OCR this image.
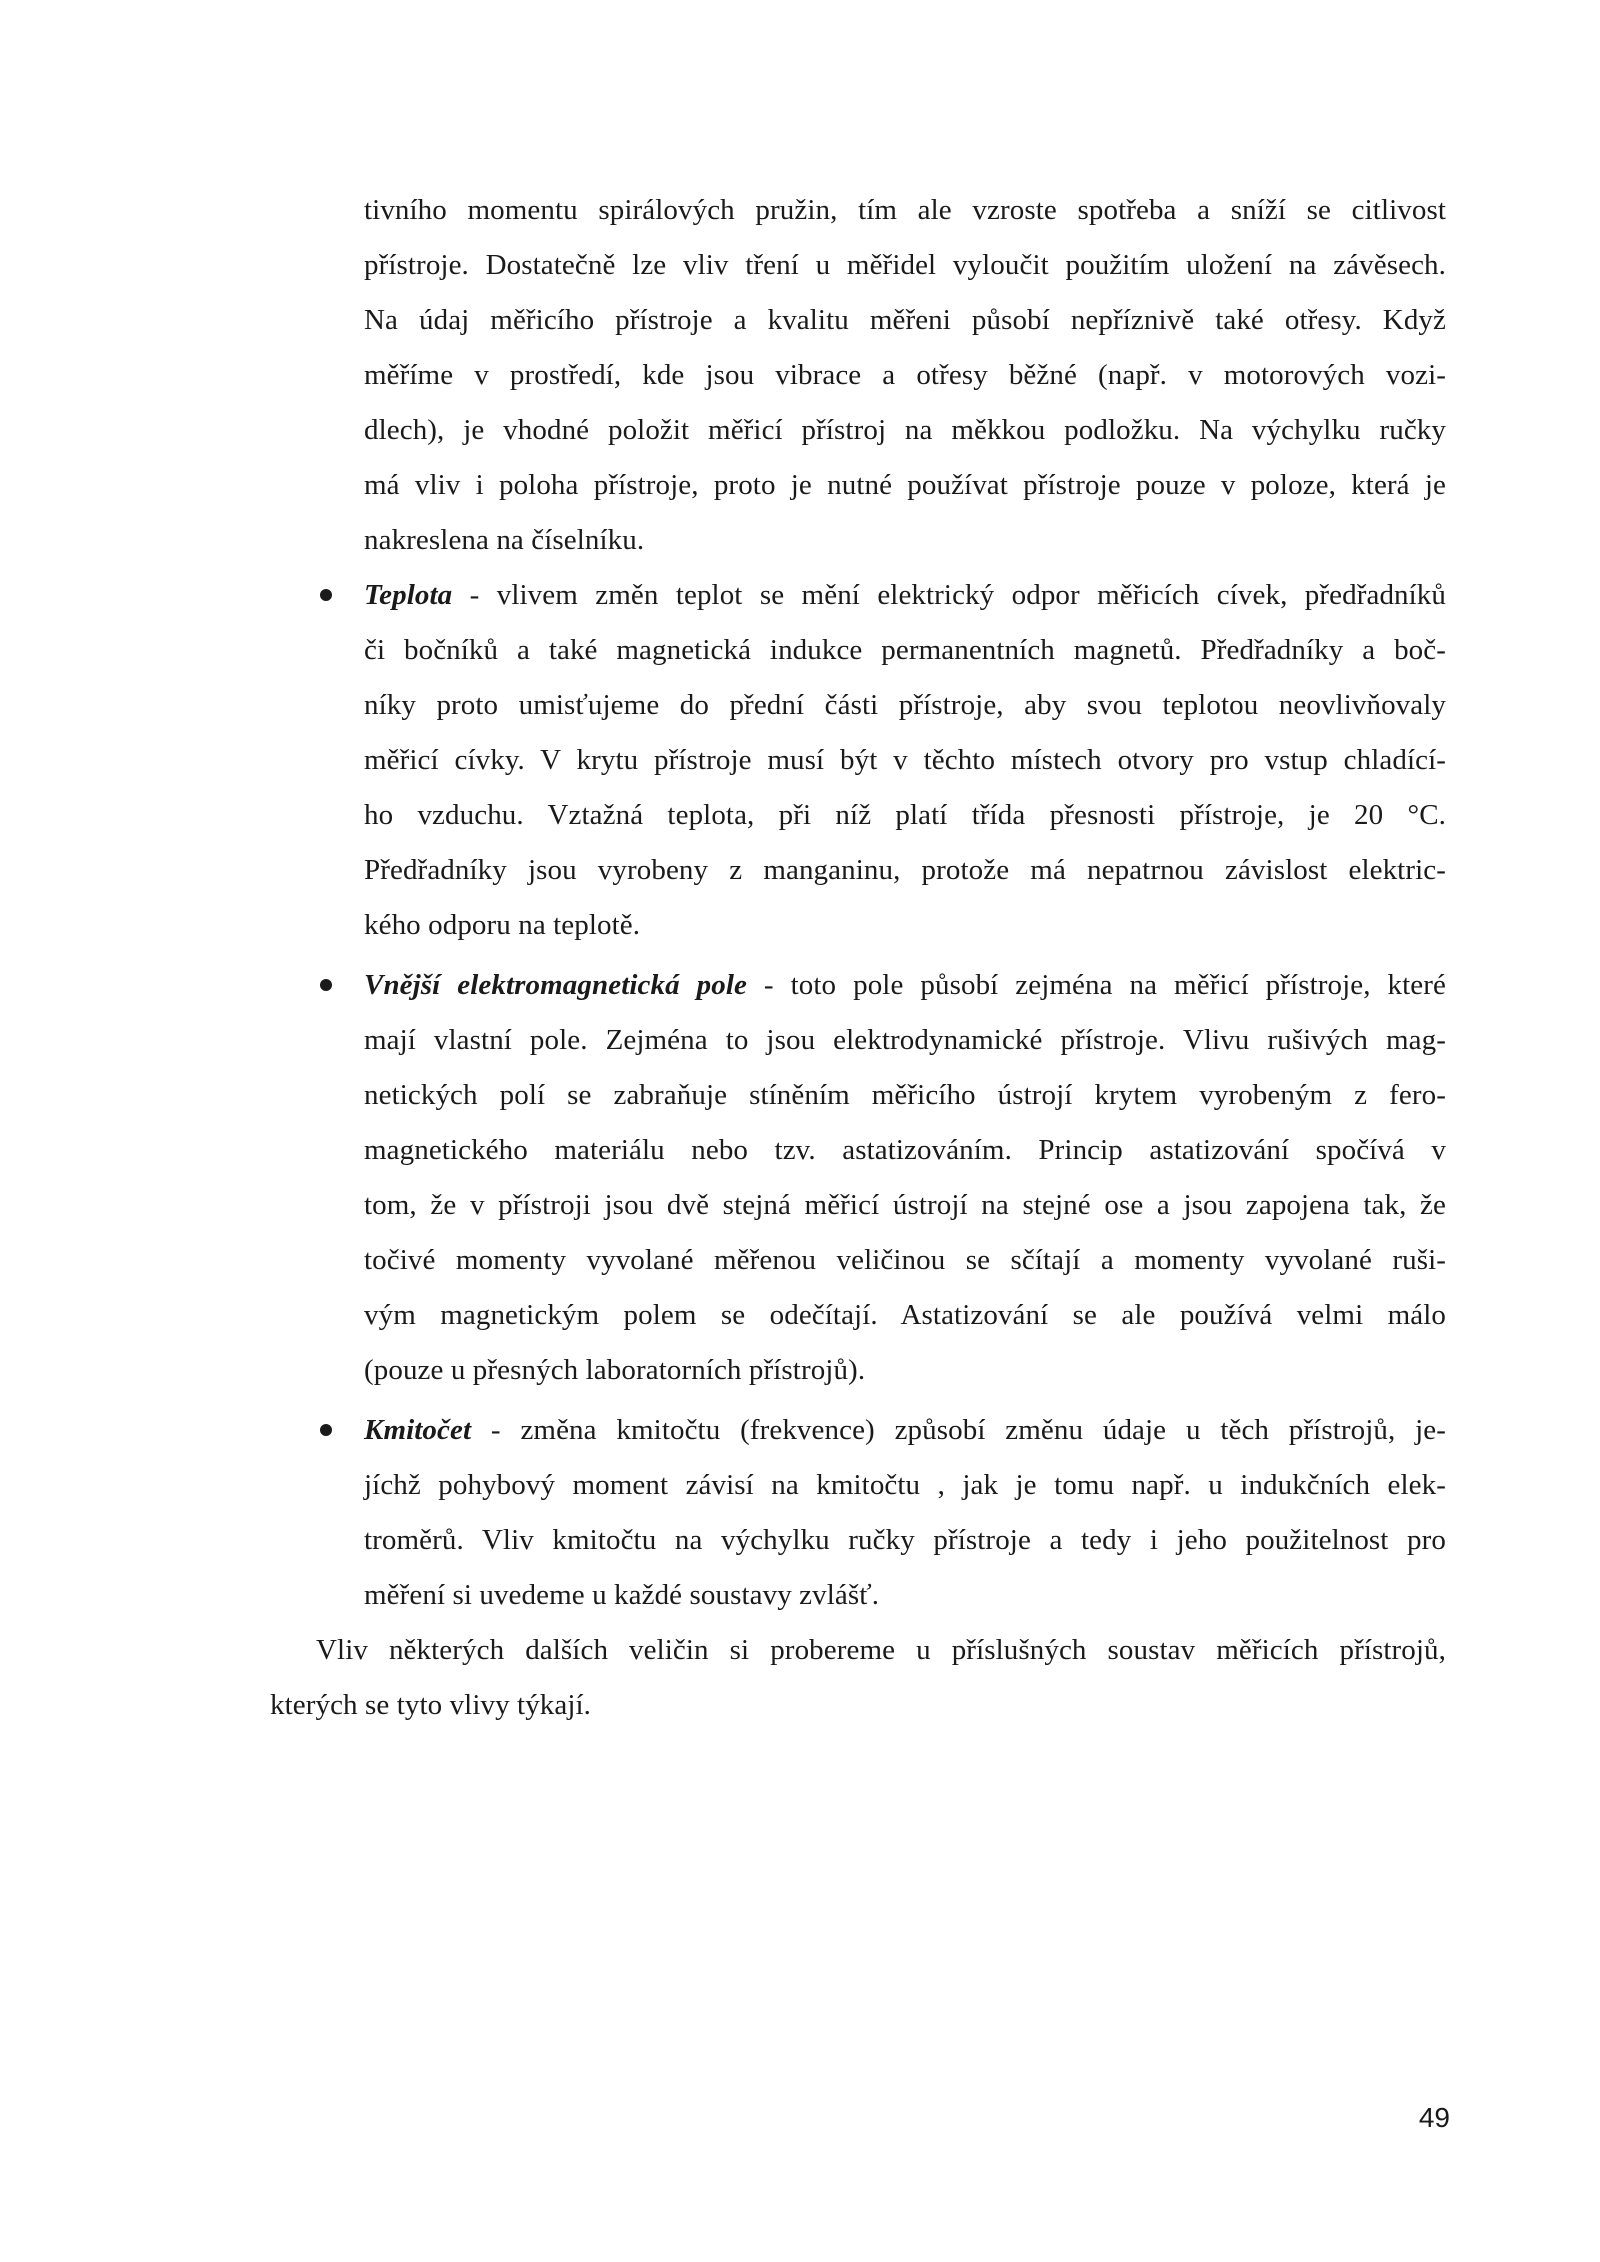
tivního momentu spirálových pružin, tím ale vzroste spotřeba a sníží se citlivost
přístroje. Dostatečně lze vliv tření u měřidel vyloučit použitím uložení na závěsech.
Na údaj měřicího přístroje a kvalitu měřeni působí nepříznivě také otřesy. Když
měříme v prostředí, kde jsou vibrace a otřesy běžné (např. v motorových vozi-
dlech), je vhodné položit měřicí přístroj na měkkou podložku. Na výchylku ručky
má vliv i poloha přístroje, proto je nutné používat přístroje pouze v poloze, která je
nakreslena na číselníku.
Teplota - vlivem změn teplot se mění elektrický odpor měřicích cívek, předřadníků
či bočníků a také magnetická indukce permanentních magnetů. Předřadníky a boč-
níky proto umisťujeme do přední části přístroje, aby svou teplotou neovlivňovaly
měřicí cívky. V krytu přístroje musí být v těchto místech otvory pro vstup chladící-
ho vzduchu. Vztažná teplota, při níž platí třída přesnosti přístroje, je 20 °C.
Předřadníky jsou vyrobeny z manganinu, protože má nepatrnou závislost elektric-
kého odporu na teplotě.
Vnější elektromagnetická pole - toto pole působí zejména na měřicí přístroje, které
mají vlastní pole. Zejména to jsou elektrodynamické přístroje. Vlivu rušivých mag-
netických polí se zabraňuje stíněním měřicího ústrojí krytem vyrobeným z fero-
magnetického materiálu nebo tzv. astatizováním. Princip astatizování spočívá v
tom, že v přístroji jsou dvě stejná měřicí ústrojí na stejné ose a jsou zapojena tak, že
točivé momenty vyvolané měřenou veličinou se sčítají a momenty vyvolané ruši-
vým magnetickým polem se odečítají. Astatizování se ale používá velmi málo
(pouze u přesných laboratorních přístrojů).
Kmitočet - změna kmitočtu (frekvence) způsobí změnu údaje u těch přístrojů, je-
jíchž pohybový moment závisí na kmitočtu , jak je tomu např. u indukčních elek-
troměrů. Vliv kmitočtu na výchylku ručky přístroje a tedy i jeho použitelnost pro
měření si uvedeme u každé soustavy zvlášť.
Vliv některých dalších veličin si probereme u příslušných soustav měřicích přístrojů,
kterých se tyto vlivy týkají.
49
